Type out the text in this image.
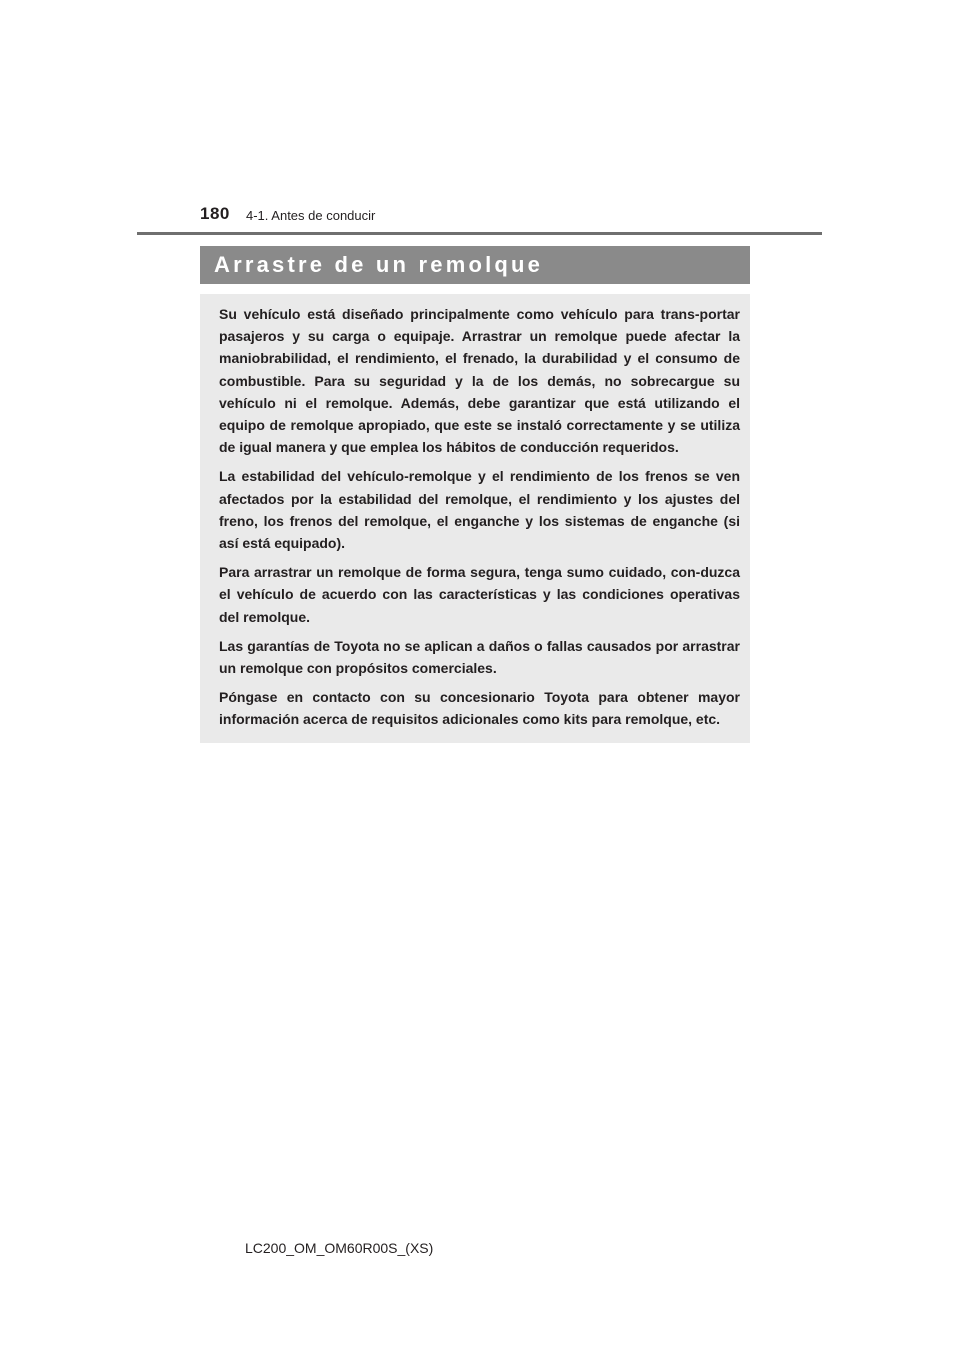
180 4-1. Antes de conducir
Arrastre de un remolque

Su vehículo está diseñado principalmente como vehículo para trans-portar pasajeros y su carga o equipaje. Arrastrar un remolque puede afectar la maniobrabilidad, el rendimiento, el frenado, la durabilidad y el consumo de combustible. Para su seguridad y la de los demás, no sobrecargue su vehículo ni el remolque. Además, debe garantizar que está utilizando el equipo de remolque apropiado, que este se instaló correctamente y se utiliza de igual manera y que emplea los hábitos de conducción requeridos.

La estabilidad del vehículo-remolque y el rendimiento de los frenos se ven afectados por la estabilidad del remolque, el rendimiento y los ajustes del freno, los frenos del remolque, el enganche y los sistemas de enganche (si así está equipado).

Para arrastrar un remolque de forma segura, tenga sumo cuidado, con-duzca el vehículo de acuerdo con las características y las condiciones operativas del remolque.

Las garantías de Toyota no se aplican a daños o fallas causados por arrastrar un remolque con propósitos comerciales.

Póngase en contacto con su concesionario Toyota para obtener mayor información acerca de requisitos adicionales como kits para remolque, etc.

LC200_OM_OM60R00S_(XS)
